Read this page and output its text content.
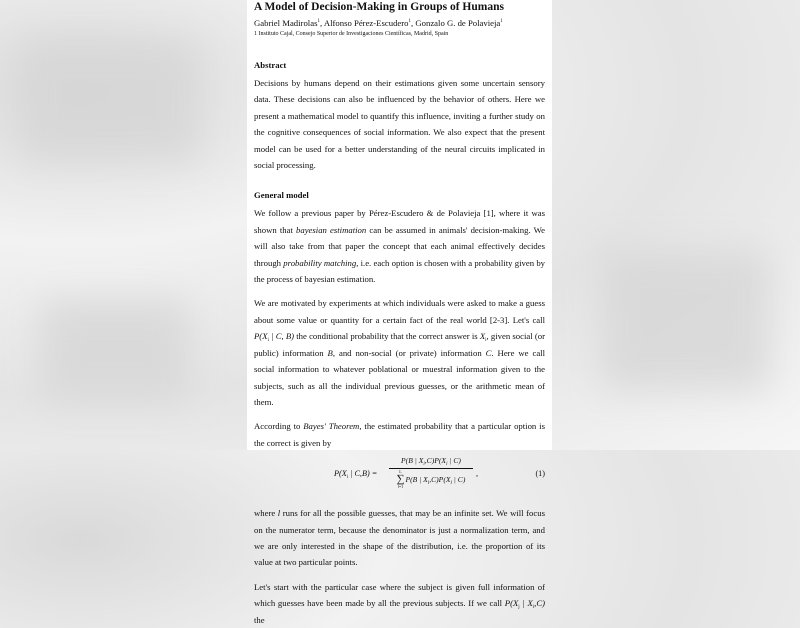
A Model of Decision-Making in Groups of Humans
Gabriel Madirolas$^1$, Alfonso Pérez-Escudero$^1$, Gonzalo G. de Polavieja$^1$
1 Instituto Cajal, Consejo Superior de Investigaciones Científicas, Madrid, Spain
Abstract

Decisions by humans depend on their estimations given some uncertain sensory data. These decisions can also be influenced by the behavior of others. Here we present a mathematical model to quantify this influence, inviting a further study on the cognitive consequences of social information. We also expect that the present model can be used for a better understanding of the neural circuits implicated in social processing.

General model

We follow a previous paper by Pérez-Escudero & de Polavieja [1], where it was shown that bayesian estimation can be assumed in animals' decision-making. We will also take from that paper the concept that each animal effectively decides through probability matching, i.e. each option is chosen with a probability given by the process of bayesian estimation.

We are motivated by experiments at which individuals were asked to make a guess about some value or quantity for a certain fact of the real world [2-3]. Let's call $P(X_i$ | C, B) the conditional probability that the correct answer is $X_i$, given social (or public) information B, and non-social (or private) information C. Here we call social information to whatever poblational or muestral information given to the subjects, such as all the individual previous guesses, or the arithmetic mean of them.

According to Bayes' Theorem, the estimated probability that a particular option is the correct is given by

$P(X_i$ | C,B) = P(B | $X_i,C)P(X_i$ | C)
L
∑
l=1
P(B | $X_l,C)P(X_l$ | C) ,	(1)

where l runs for all the possible guesses, that may be an infinite set. We will focus on the numerator term, because the denominator is just a normalization term, and we are only interested in the shape of the distribution, i.e. the proportion of its value at two particular points.

Let's start with the particular case where the subject is given full information of which guesses have been made by all the previous subjects. If we call $P(X_j$ | $X_i,C$) the
